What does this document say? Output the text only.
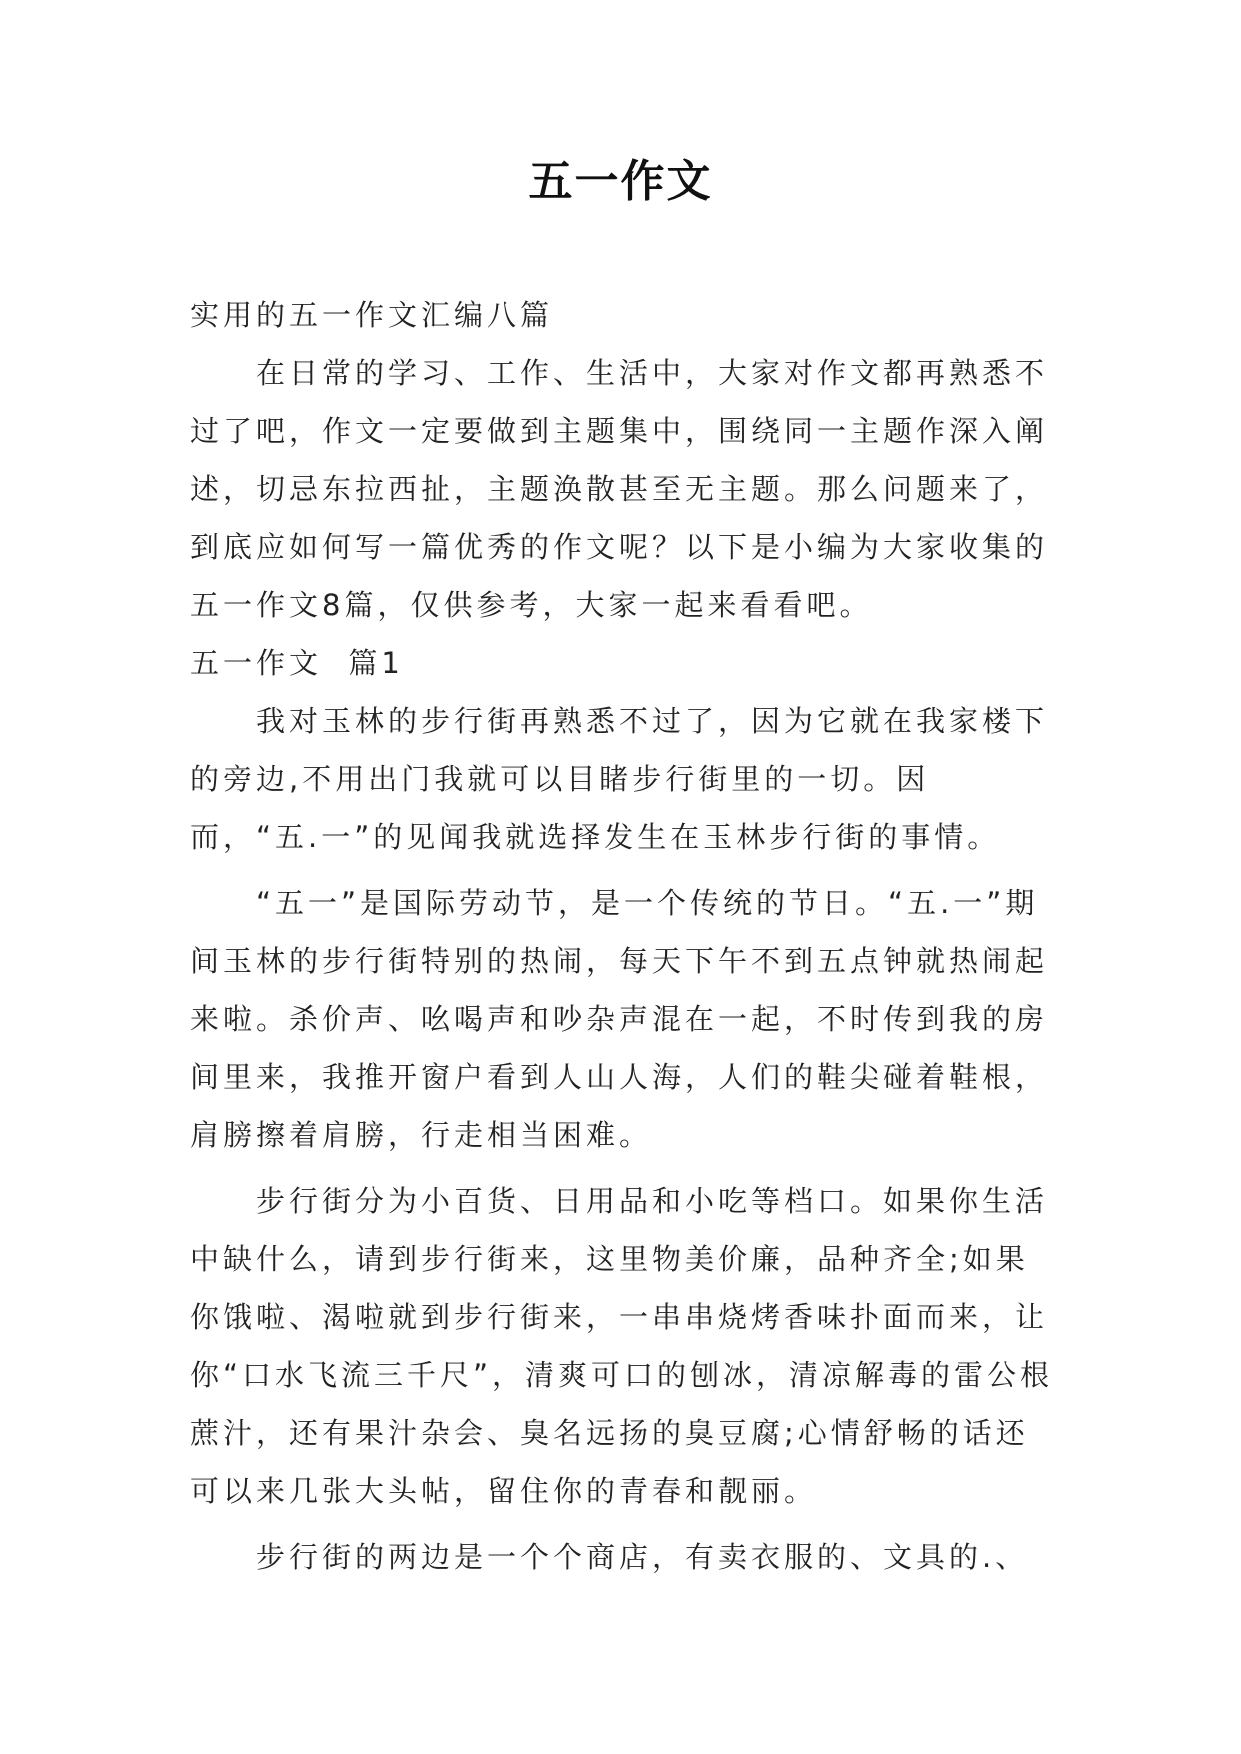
五一作文

实用的五一作文汇编八篇

在日常的学习、工作、生活中，大家对作文都再熟悉不过了吧，作文一定要做到主题集中，围绕同一主题作深入阐述，切忌东拉西扯，主题涣散甚至无主题。那么问题来了，到底应如何写一篇优秀的作文呢？以下是小编为大家收集的五一作文8篇，仅供参考，大家一起来看看吧。

五一作文  篇1

我对玉林的步行街再熟悉不过了，因为它就在我家楼下的旁边,不用出门我就可以目睹步行街里的一切。因而，“五.一”的见闻我就选择发生在玉林步行街的事情。

“五一”是国际劳动节，是一个传统的节日。“五.一”期间玉林的步行街特别的热闹，每天下午不到五点钟就热闹起来啦。杀价声、吆喝声和吵杂声混在一起，不时传到我的房间里来，我推开窗户看到人山人海，人们的鞋尖碰着鞋根，肩膀擦着肩膀，行走相当困难。

步行街分为小百货、日用品和小吃等档口。如果你生活中缺什么，请到步行街来，这里物美价廉，品种齐全;如果你饿啦、渴啦就到步行街来，一串串烧烤香味扑面而来，让你“口水飞流三千尺”，清爽可口的刨冰，清凉解毒的雷公根蔗汁，还有果汁杂会、臭名远扬的臭豆腐;心情舒畅的话还可以来几张大头帖，留住你的青春和靓丽。

步行街的两边是一个个商店，有卖衣服的、文具的.、
